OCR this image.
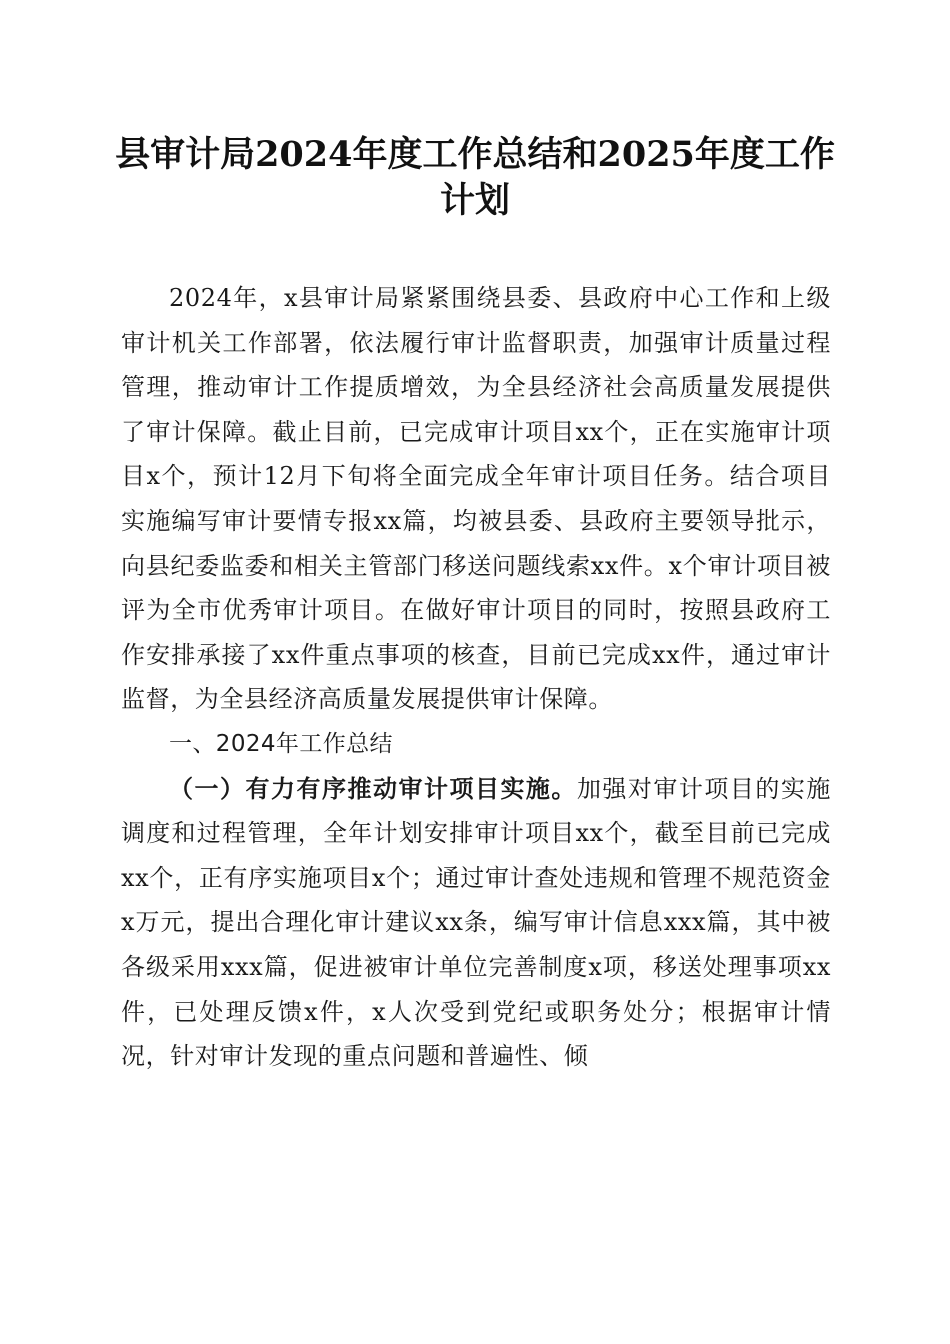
县审计局2024年度工作总结和2025年度工作
计划

2024年，x县审计局紧紧围绕县委、县政府中心工作和上级审计机关工作部署，依法履行审计监督职责，加强审计质量过程管理，推动审计工作提质增效，为全县经济社会高质量发展提供了审计保障。截止目前，已完成审计项目xx个，正在实施审计项目x个，预计12月下旬将全面完成全年审计项目任务。结合项目实施编写审计要情专报xx篇，均被县委、县政府主要领导批示，向县纪委监委和相关主管部门移送问题线索xx件。x个审计项目被评为全市优秀审计项目。在做好审计项目的同时，按照县政府工作安排承接了xx件重点事项的核查，目前已完成xx件，通过审计监督，为全县经济高质量发展提供审计保障。

一、2024年工作总结

（一）有力有序推动审计项目实施。加强对审计项目的实施调度和过程管理，全年计划安排审计项目xx个，截至目前已完成xx个，正有序实施项目x个；通过审计查处违规和管理不规范资金x万元，提出合理化审计建议xx条，编写审计信息xxx篇，其中被各级采用xxx篇，促进被审计单位完善制度x项，移送处理事项xx件，已处理反馈x件，x人次受到党纪或职务处分；根据审计情况，针对审计发现的重点问题和普遍性、倾
